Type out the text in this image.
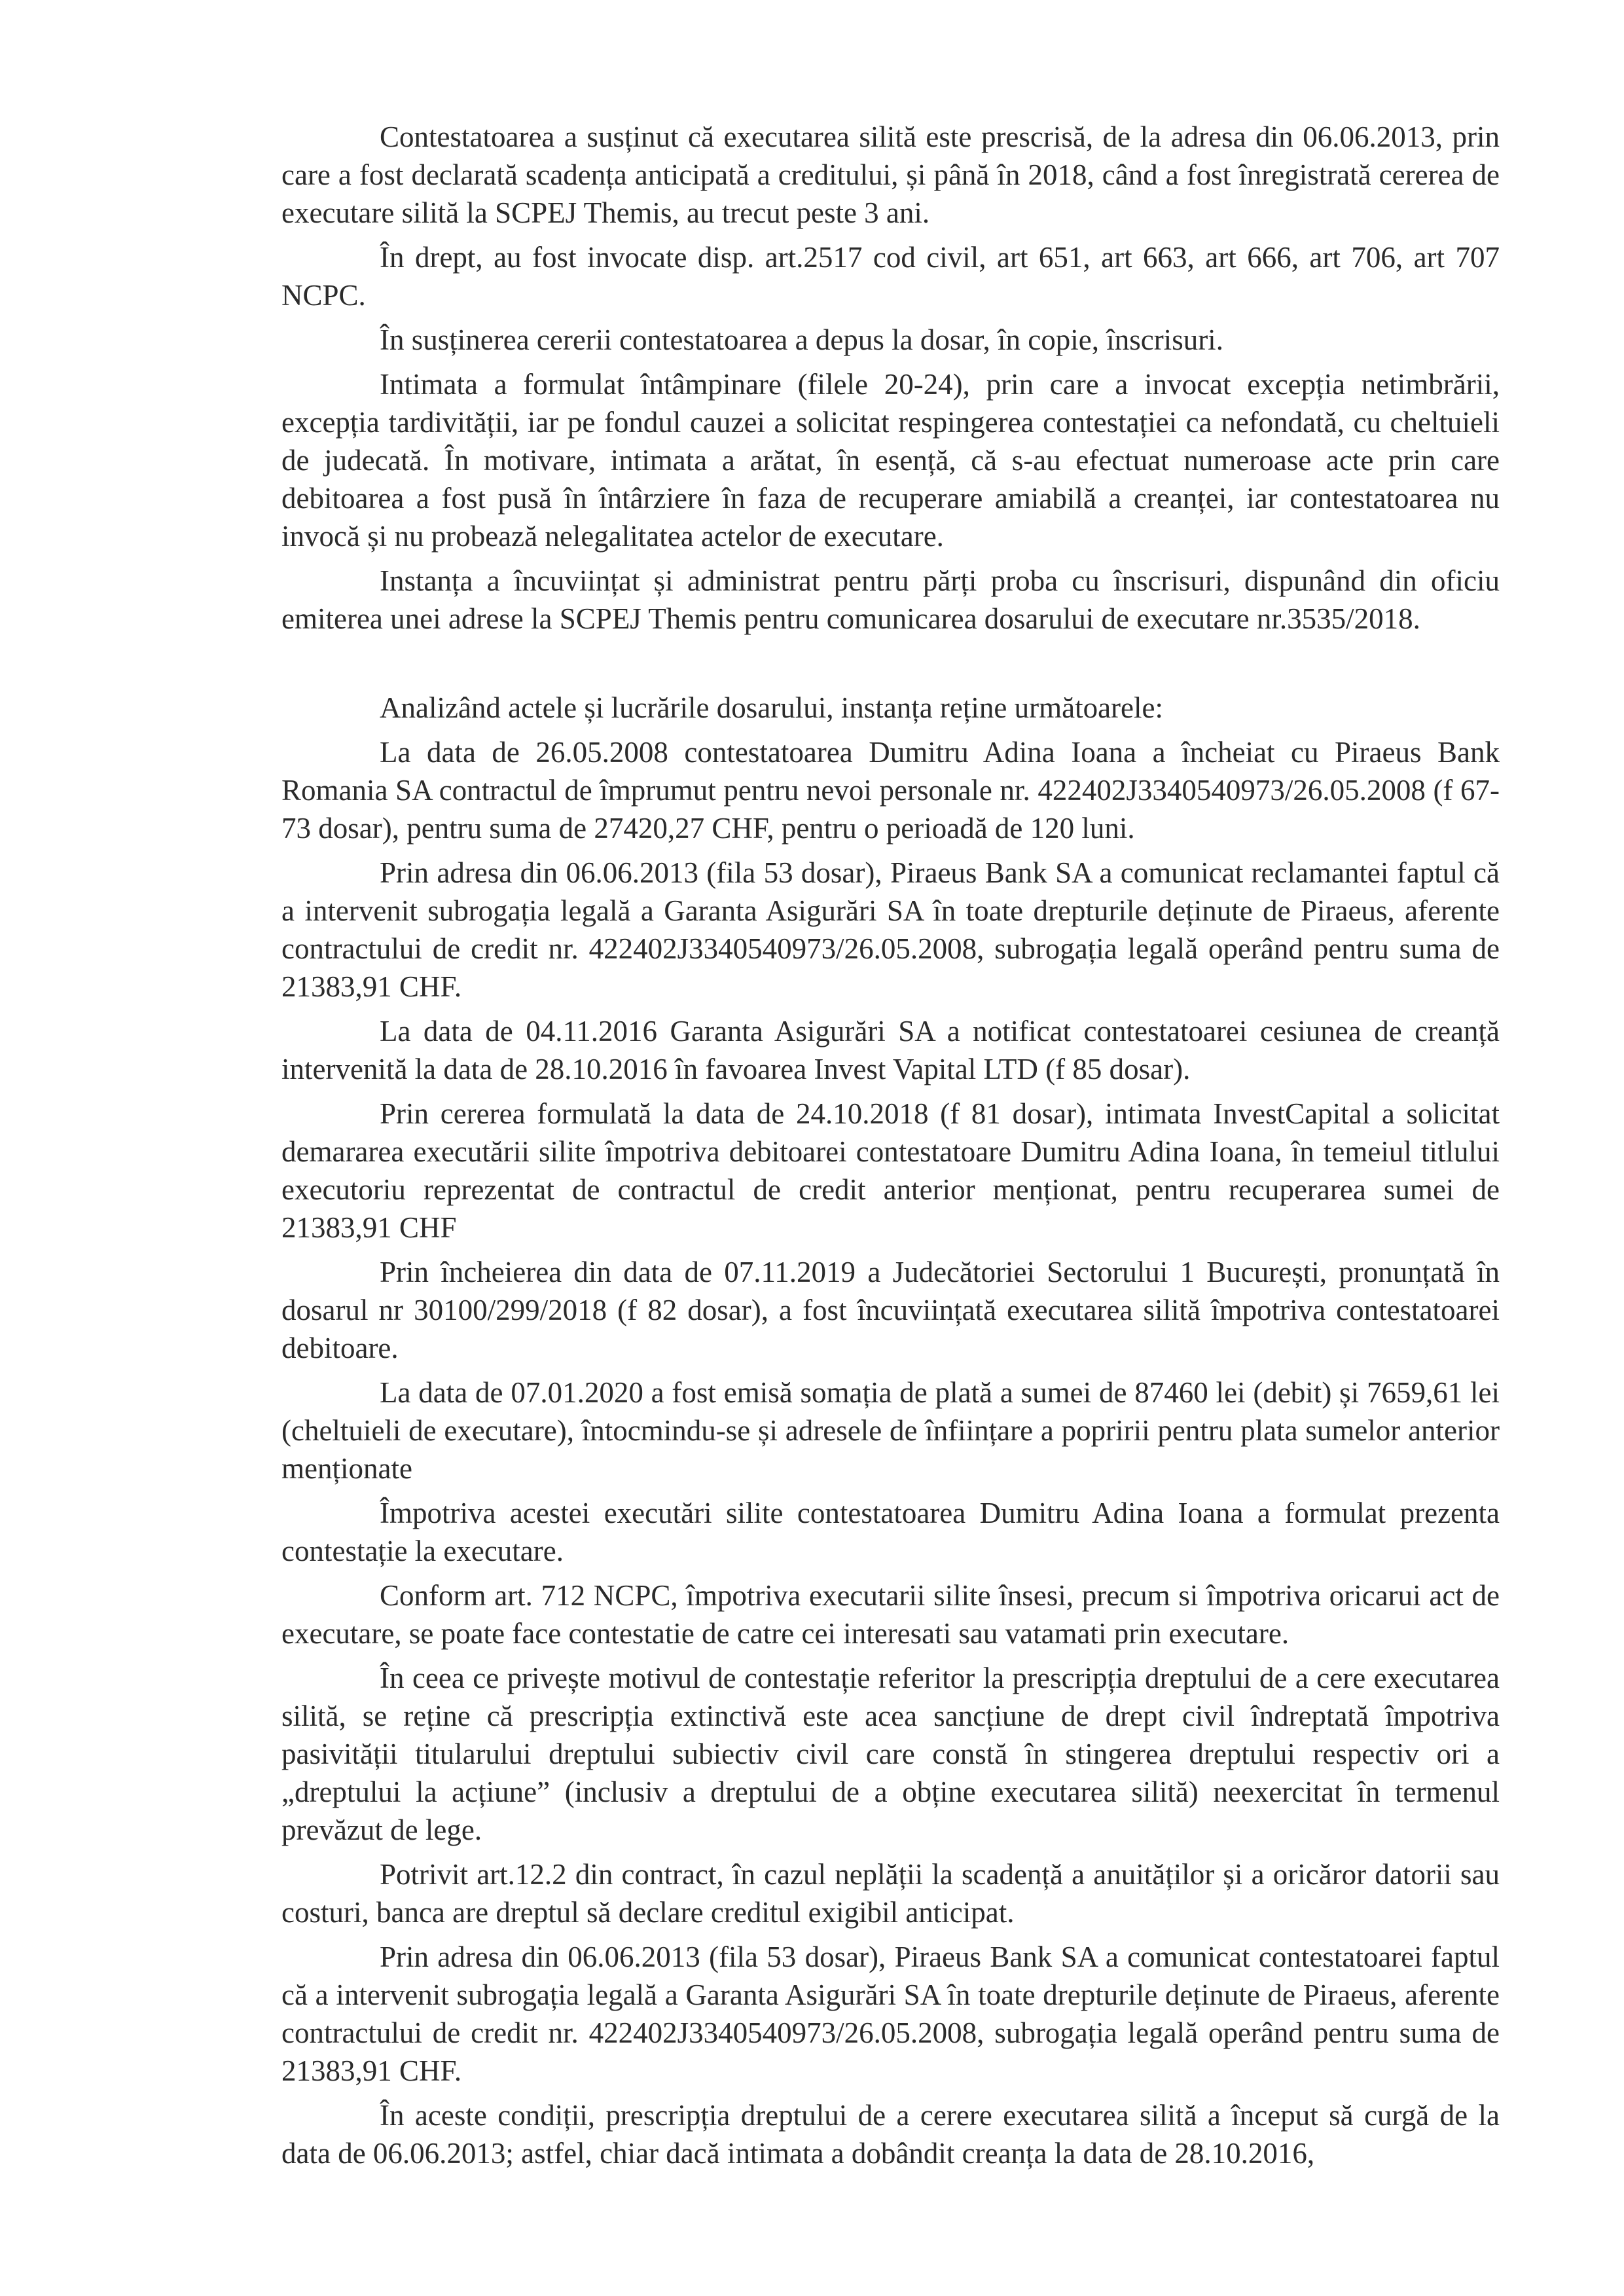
Contestatoarea a susținut că executarea silită este prescrisă, de la adresa din 06.06.2013, prin care a fost declarată scadența anticipată a creditului, și până în 2018, când a fost înregistrată cererea de executare silită la SCPEJ Themis, au trecut peste 3 ani.

În drept, au fost invocate disp. art.2517 cod civil, art 651, art 663, art 666, art 706, art 707 NCPC.

În susținerea cererii contestatoarea a depus la dosar, în copie, înscrisuri.

Intimata a formulat întâmpinare (filele 20-24), prin care a invocat excepția netimbrării, excepția tardivității, iar pe fondul cauzei a solicitat respingerea contestației ca nefondată, cu cheltuieli de judecată. În motivare, intimata a arătat, în esență, că s-au efectuat numeroase acte prin care debitoarea a fost pusă în întârziere în faza de recuperare amiabilă a creanței, iar contestatoarea nu invocă și nu probează nelegalitatea actelor de executare.

Instanța a încuviințat și administrat pentru părți proba cu înscrisuri, dispunând din oficiu emiterea unei adrese la SCPEJ Themis pentru comunicarea dosarului de executare nr.3535/2018.

Analizând actele și lucrările dosarului, instanța reține următoarele:

La data de 26.05.2008 contestatoarea Dumitru Adina Ioana a încheiat cu Piraeus Bank Romania SA contractul de împrumut pentru nevoi personale nr. 422402J3340540973/26.05.2008 (f 67-73 dosar), pentru suma de 27420,27 CHF, pentru o perioadă de 120 luni.

Prin adresa din 06.06.2013 (fila 53 dosar), Piraeus Bank SA a comunicat reclamantei faptul că a intervenit subrogația legală a Garanta Asigurări SA în toate drepturile deținute de Piraeus, aferente contractului de credit nr. 422402J3340540973/26.05.2008, subrogația legală operând pentru suma de 21383,91 CHF.

La data de 04.11.2016 Garanta Asigurări SA a notificat contestatoarei cesiunea de creanță intervenită la data de 28.10.2016 în favoarea Invest Vapital LTD (f 85 dosar).

Prin cererea formulată la data de 24.10.2018 (f 81 dosar), intimata InvestCapital a solicitat demararea executării silite împotriva debitoarei contestatoare Dumitru Adina Ioana, în temeiul titlului executoriu reprezentat de contractul de credit anterior menționat, pentru recuperarea sumei de 21383,91 CHF

Prin încheierea din data de 07.11.2019 a Judecătoriei Sectorului 1 București, pronunțată în dosarul nr 30100/299/2018 (f 82 dosar), a fost încuviințată executarea silită împotriva contestatoarei debitoare.

La data de 07.01.2020 a fost emisă somația de plată a sumei de 87460 lei (debit) și 7659,61 lei (cheltuieli de executare), întocmindu-se și adresele de înființare a popririi pentru plata sumelor anterior menționate

Împotriva acestei executări silite contestatoarea Dumitru Adina Ioana a formulat prezenta contestație la executare.

Conform art. 712 NCPC, împotriva executarii silite însesi, precum si împotriva oricarui act de executare, se poate face contestatie de catre cei interesati sau vatamati prin executare.

În ceea ce privește motivul de contestație referitor la prescripția dreptului de a cere executarea silită, se reține că prescripția extinctivă este acea sancțiune de drept civil îndreptată împotriva pasivității titularului dreptului subiectiv civil care constă în stingerea dreptului respectiv ori a „dreptului la acțiune” (inclusiv a dreptului de a obține executarea silită) neexercitat în termenul prevăzut de lege.

Potrivit art.12.2 din contract, în cazul neplății la scadență a anuităților și a oricăror datorii sau costuri, banca are dreptul să declare creditul exigibil anticipat.

Prin adresa din 06.06.2013 (fila 53 dosar), Piraeus Bank SA a comunicat contestatoarei faptul că a intervenit subrogația legală a Garanta Asigurări SA în toate drepturile deținute de Piraeus, aferente contractului de credit nr. 422402J3340540973/26.05.2008, subrogația legală operând pentru suma de 21383,91 CHF.

În aceste condiții, prescripția dreptului de a cerere executarea silită a început să curgă de la data de 06.06.2013; astfel, chiar dacă intimata a dobândit creanța la data de 28.10.2016,
